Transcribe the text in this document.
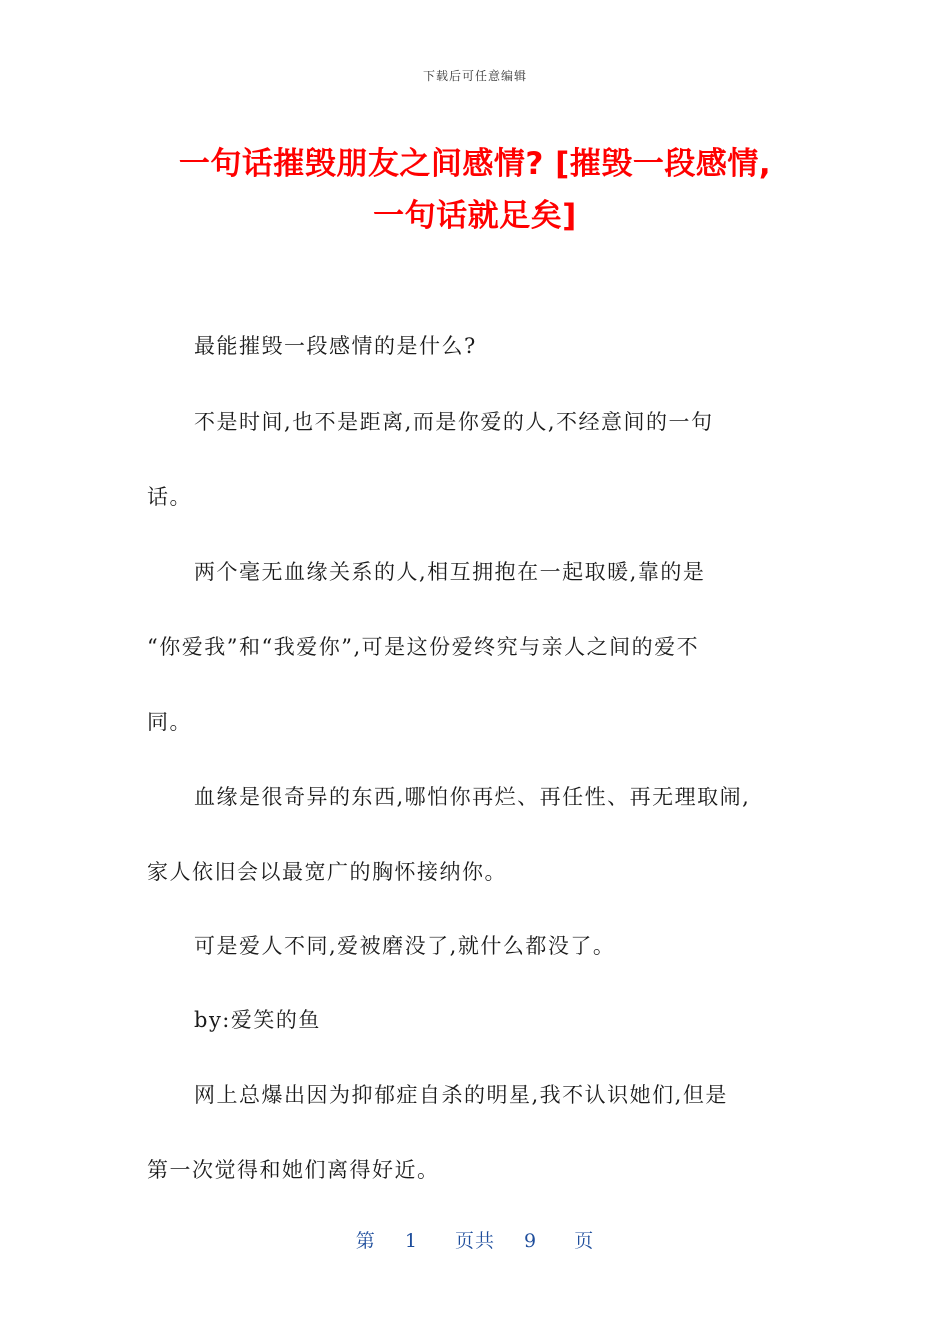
下载后可任意编辑
一句话摧毁朋友之间感情? [摧毁一段感情,
一句话就足矣]
最能摧毁一段感情的是什么?
不是时间,也不是距离,而是你爱的人,不经意间的一句
话。
两个毫无血缘关系的人,相互拥抱在一起取暖,靠的是
“你爱我”和“我爱你”,可是这份爱终究与亲人之间的爱不
同。
血缘是很奇异的东西,哪怕你再烂、再任性、再无理取闹,
家人依旧会以最宽广的胸怀接纳你。
可是爱人不同,爱被磨没了,就什么都没了。
by:爱笑的鱼
网上总爆出因为抑郁症自杀的明星,我不认识她们,但是
第一次觉得和她们离得好近。
第 1 页共 9 页
